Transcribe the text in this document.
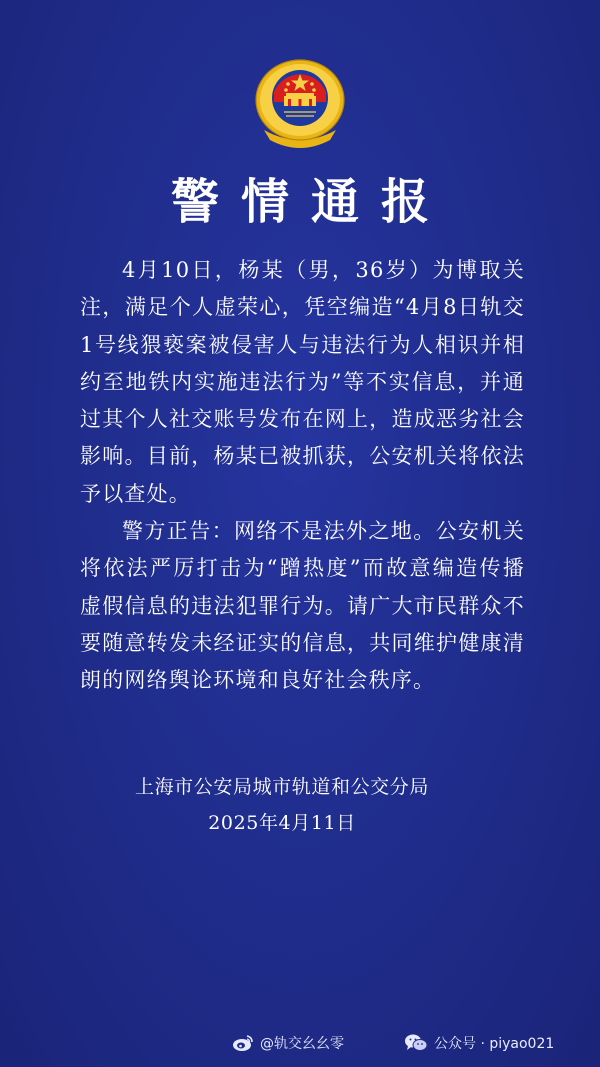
警情通报

4月10日，杨某（男，36岁）为博取关注，满足个人虚荣心，凭空编造“4月8日轨交1号线猥亵案被侵害人与违法行为人相识并相约至地铁内实施违法行为”等不实信息，并通过其个人社交账号发布在网上，造成恶劣社会影响。目前，杨某已被抓获，公安机关将依法予以查处。

警方正告：网络不是法外之地。公安机关将依法严厉打击为“蹭热度”而故意编造传播虚假信息的违法犯罪行为。请广大市民群众不要随意转发未经证实的信息，共同维护健康清朗的网络舆论环境和良好社会秩序。

上海市公安局城市轨道和公交分局
2025年4月11日
@轨交幺幺零	公众号 · piyao021
